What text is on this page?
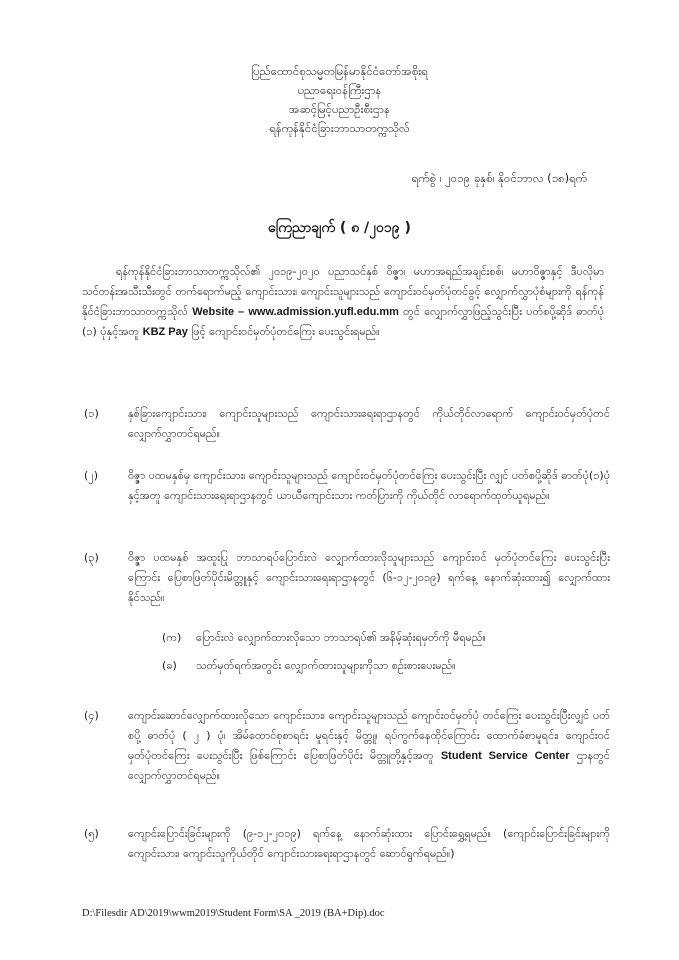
ပြည်ထောင်စုသမ္မတမြန်မာနိုင်ငံတော်အစိုးရ
ပညာရေးဝန်ကြီးဌာန
အဆင့်မြင့်ပညာဦးစီးဌာန
ရန်ကုန်နိုင်ငံခြားဘာသာတက္ကသိုလ်
ရက်စွဲ ၊ ၂၀၁၉ ခုနှစ်၊ နိုဝင်ဘာလ (၁၈)ရက်
ကြေညာချက် ( ၈ /၂၀၁၉ )
ရန်ကုန်နိုင်ငံခြားဘာသာတက္ကသိုလ်၏ ၂၀၁၉-၂၀၂၀ ပညာသင်နှစ် ဝိဇ္ဇာ၊ မဟာအရည်အချင်းစစ်၊ မဟာဝိဇ္ဇာနှင့် ဒီပလိုမာသင်တန်းအသီးသီးတွင် တက်ရောက်မည့် ကျောင်းသား၊ ကျောင်းသူများသည် ကျောင်းဝင်မှတ်ပုံတင်ခွင့် လျှောက်လွှာပုံစံများကို ရန်ကုန်နိုင်ငံခြားဘာသာတက္ကသိုလ် Website – www.admission.yufl.edu.mm တွင် လျှောက်လွှာဖြည့်သွင်းပြီး ပတ်စပို့ဆိုဒ် ဓာတ်ပုံ (၁) ပုံနှင့်အတူ KBZ Pay ဖြင့် ကျောင်းဝင်မှတ်ပုံတင်ကြေး ပေးသွင်းရမည်။
(၁)	နှစ်ခြားကျောင်းသား၊ ကျောင်းသူများသည် ကျောင်းသားရေးရာဌာနတွင် ကိုယ်တိုင်လာရောက် ကျောင်းဝင်မှတ်ပုံတင် လျှောက်လွှာတင်ရမည်။
(၂)	ဝိဇ္ဇာ ပထမနှစ်မှ ကျောင်းသား၊ ကျောင်းသူများသည် ကျောင်းဝင်မှတ်ပုံတင်ကြေး ပေးသွင်းပြီး လျှင် ပတ်စပို့ဆိုဒ် ဓာတ်ပုံ(၁)ပုံနှင့်အတူ ကျောင်းသားရေးရာဌာနတွင် ယာယီကျောင်းသား ကတ်ပြားကို ကိုယ်တိုင် လာရောက်ထုတ်ယူရမည်။
(၃)	ဝိဇ္ဇာ ပထမနှစ် အထူးပြု ဘာသာရပ်ပြောင်းလဲ လျှောက်ထားလိုသူများသည် ကျောင်းဝင် မှတ်ပုံတင်ကြေး ပေးသွင်းပြီးကြောင်း ပြေစာဖြတ်ပိုင်းမိတ္တူနှင့် ကျောင်းသားရေးရာဌာနတွင် (၆-၁၂-၂၀၁၉) ရက်နေ့ နောက်ဆုံးထား၍ လျှောက်ထားနိုင်သည်။
(က) ပြောင်းလဲ လျှောက်ထားလိုသော ဘာသာရပ်၏ အနိမ့်ဆုံးရမှတ်ကို မီရမည်။
(ခ) သတ်မှတ်ရက်အတွင်း လျှောက်ထားသူများကိုသာ စဉ်းစားပေးမည်။
(၄)	ကျောင်းဆောင်လျှောက်ထားလိုသော ကျောင်းသား၊ ကျောင်းသူများသည် ကျောင်းဝင်မှတ်ပုံ တင်ကြေး ပေးသွင်းပြီးလျှင် ပတ်စပို့ ဓာတ်ပုံ ( ၂ ) ပုံ၊ အိမ်ထောင်စုစာရင်း မူရင်းနှင့် မိတ္တူ၊ ရပ်ကွက်နေထိုင်ကြောင်း ထောက်ခံစာမူရင်း၊ ကျောင်းဝင်မှတ်ပုံတင်ကြေး ပေးသွင်းပြီး ဖြစ်ကြောင်း ပြေစာဖြတ်ပိုင်း မိတ္တူတို့နှင့်အတူ Student Service Center ဌာနတွင် လျှောက်လွှာတင်ရမည်။
(၅)	ကျောင်းပြောင်းခြင်းများကို (၉-၁၂-၂၀၁၉) ရက်နေ့ နောက်ဆုံးထား ပြောင်းရွှေ့ရမည်။ (ကျောင်းပြောင်းခြင်းများကို ကျောင်းသား၊ ကျောင်းသူကိုယ်တိုင် ကျောင်းသားရေးရာဌာနတွင် ဆောင်ရွက်ရမည်။)
D:\Filesdir AD\2019\wwm2019\Student Form\SA _2019 (BA+Dip).doc
